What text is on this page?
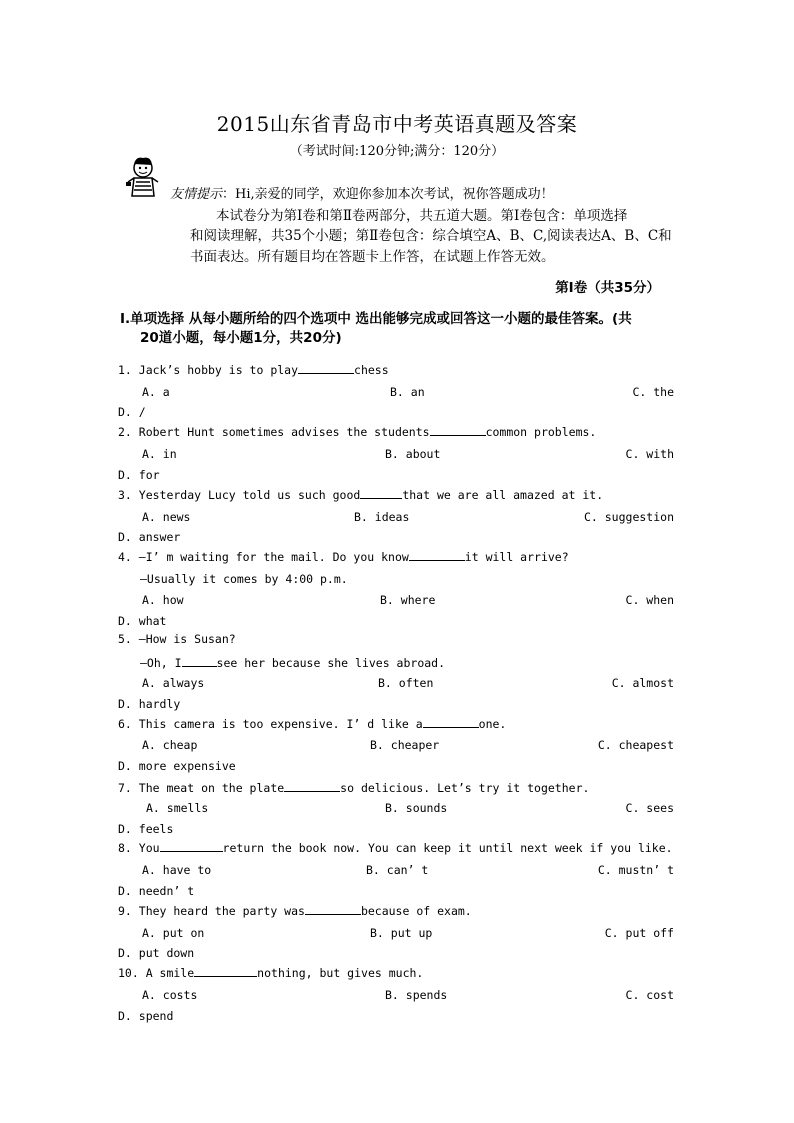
2015山东省青岛市中考英语真题及答案
（考试时间:120分钟;满分：120分）
友情提示：Hi,亲爱的同学，欢迎你参加本次考试，祝你答题成功！
本试卷分为第Ⅰ卷和第Ⅱ卷两部分，共五道大题。第Ⅰ卷包含：单项选择
和阅读理解，共35个小题；第Ⅱ卷包含：综合填空A、B、C,阅读表达A、B、C和
书面表达。所有题目均在答题卡上作答，在试题上作答无效。
第Ⅰ卷（共35分）
Ⅰ.单项选择 从每小题所给的四个选项中 选出能够完成或回答这一小题的最佳答案。(共
20道小题，每小题1分，共20分)
1. Jack’s hobby is to play	chess
A. a	B. an	C. the
D. /
2. Robert Hunt sometimes advises the students	common problems.
A. in	B. about	C. with
D. for
3. Yesterday Lucy told us such good	that we are all amazed at it.
A. news	B. ideas	C. suggestion
D. answer
4. —I’ m waiting for the mail. Do you know	it will arrive?
—Usually it comes by 4:00 p.m.
A. how	B. where	C. when
D. what
5. —How is Susan?
—Oh, I	see her because she lives abroad.
A. always	B. often	C. almost
D. hardly
6. This camera is too expensive. I’ d like a	one.
A. cheap	B. cheaper	C. cheapest
D. more expensive
7. The meat on the plate	so delicious. Let’s try it together.
A. smells	B. sounds	C. sees
D. feels
8. You	return the book now. You can keep it until next week if you like.
A. have to	B. can’ t	C. mustn’ t
D. needn’ t
9. They heard the party was	because of exam.
A. put on	B. put up	C. put off
D. put down
10. A smile	nothing, but gives much.
A. costs	B. spends	C. cost
D. spend
